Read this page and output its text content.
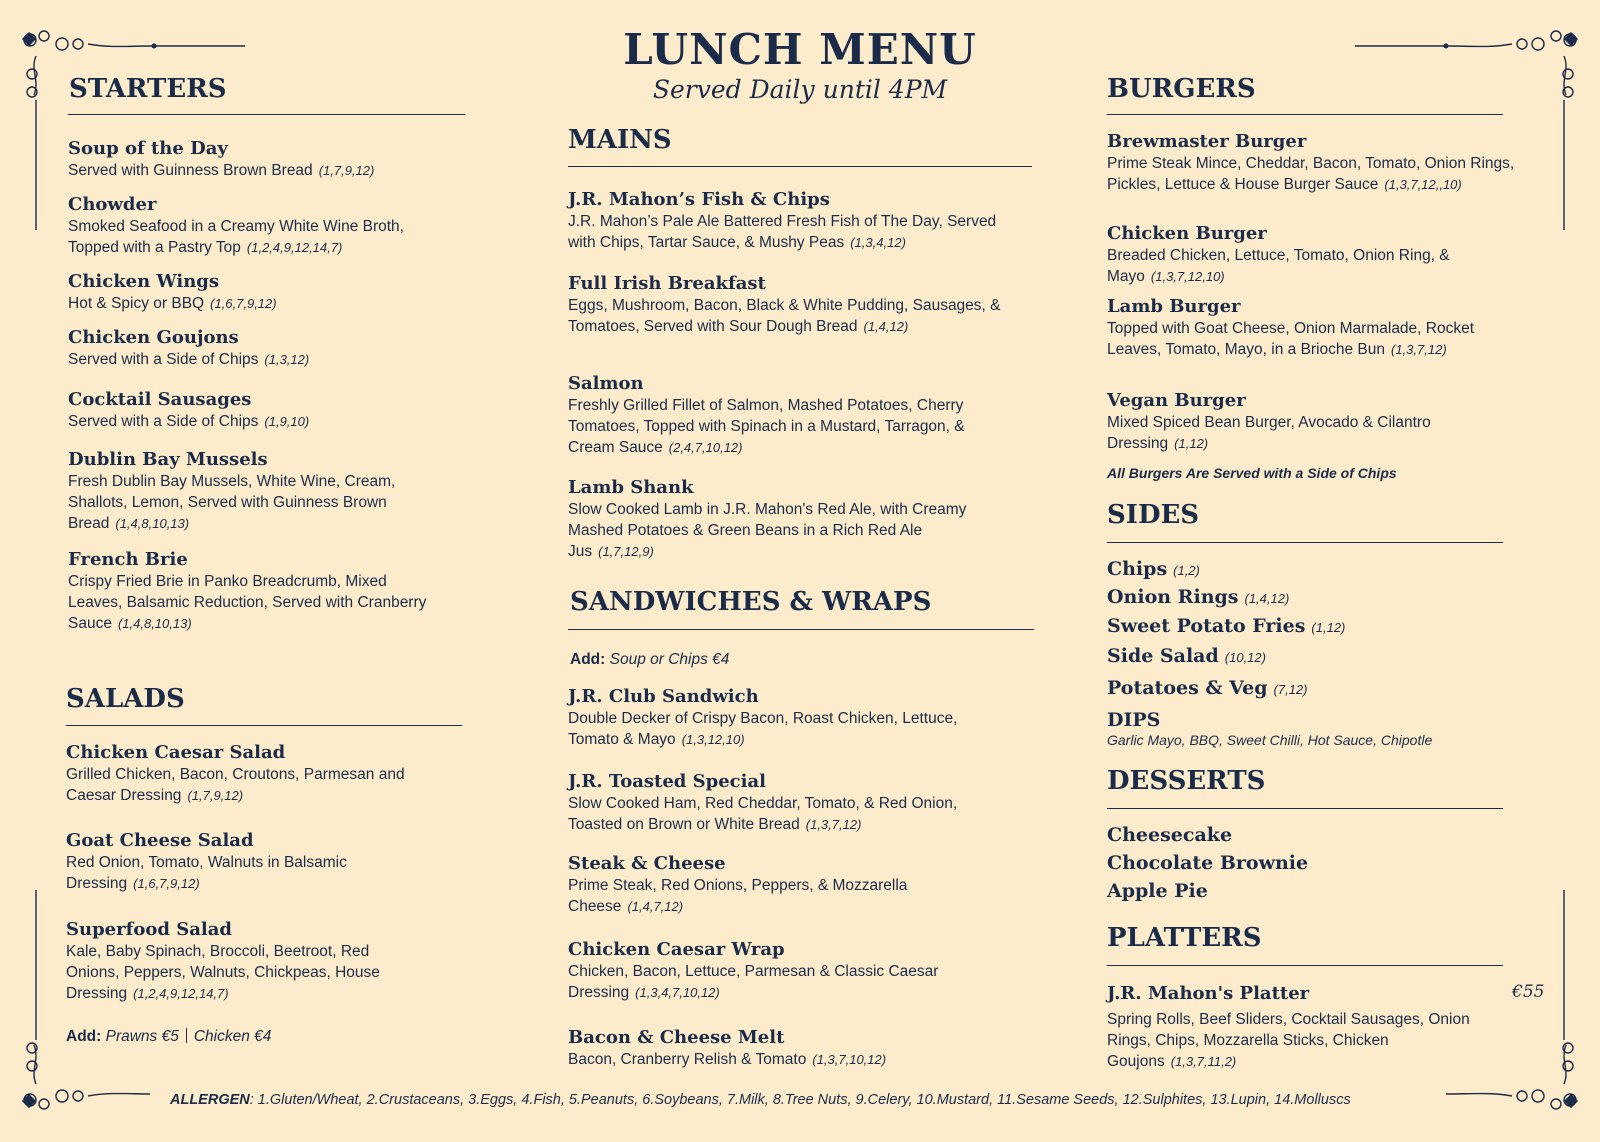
LUNCH MENU
Served Daily until 4PM
STARTERS
Soup of the Day
Served with Guinness Brown Bread (1,7,9,12)
Chowder
Smoked Seafood in a Creamy White Wine Broth, Topped with a Pastry Top (1,2,4,9,12,14,7)
Chicken Wings
Hot & Spicy or BBQ (1,6,7,9,12)
Chicken Goujons
Served with a Side of Chips (1,3,12)
Cocktail Sausages
Served with a Side of Chips (1,9,10)
Dublin Bay Mussels
Fresh Dublin Bay Mussels, White Wine, Cream, Shallots, Lemon, Served with Guinness Brown Bread (1,4,8,10,13)
French Brie
Crispy Fried Brie in Panko Breadcrumb, Mixed Leaves, Balsamic Reduction, Served with Cranberry Sauce (1,4,8,10,13)
SALADS
Chicken Caesar Salad
Grilled Chicken, Bacon, Croutons, Parmesan and Caesar Dressing (1,7,9,12)
Goat Cheese Salad
Red Onion, Tomato, Walnuts in Balsamic Dressing (1,6,7,9,12)
Superfood Salad
Kale, Baby Spinach, Broccoli, Beetroot, Red Onions, Peppers, Walnuts, Chickpeas, House Dressing (1,2,4,9,12,14,7)
Add: Prawns €5 Chicken €4
MAINS
J.R. Mahon’s Fish & Chips
J.R. Mahon’s Pale Ale Battered Fresh Fish of The Day, Served with Chips, Tartar Sauce, & Mushy Peas (1,3,4,12)
Full Irish Breakfast
Eggs, Mushroom, Bacon, Black & White Pudding, Sausages, & Tomatoes, Served with Sour Dough Bread (1,4,12)
Salmon
Freshly Grilled Fillet of Salmon, Mashed Potatoes, Cherry Tomatoes, Topped with Spinach in a Mustard, Tarragon, & Cream Sauce (2,4,7,10,12)
Lamb Shank
Slow Cooked Lamb in J.R. Mahon's Red Ale, with Creamy Mashed Potatoes & Green Beans in a Rich Red Ale Jus (1,7,12,9)
SANDWICHES & WRAPS
Add: Soup or Chips €4
J.R. Club Sandwich
Double Decker of Crispy Bacon, Roast Chicken, Lettuce, Tomato & Mayo (1,3,12,10)
J.R. Toasted Special
Slow Cooked Ham, Red Cheddar, Tomato, & Red Onion, Toasted on Brown or White Bread (1,3,7,12)
Steak & Cheese
Prime Steak, Red Onions, Peppers, & Mozzarella Cheese (1,4,7,12)
Chicken Caesar Wrap
Chicken, Bacon, Lettuce, Parmesan & Classic Caesar Dressing (1,3,4,7,10,12)
Bacon & Cheese Melt
Bacon, Cranberry Relish & Tomato (1,3,7,10,12)
BURGERS
Brewmaster Burger
Prime Steak Mince, Cheddar, Bacon, Tomato, Onion Rings, Pickles, Lettuce & House Burger Sauce (1,3,7,12,,10)
Chicken Burger
Breaded Chicken, Lettuce, Tomato, Onion Ring, & Mayo (1,3,7,12,10)
Lamb Burger
Topped with Goat Cheese, Onion Marmalade, Rocket Leaves, Tomato, Mayo, in a Brioche Bun (1,3,7,12)
Vegan Burger
Mixed Spiced Bean Burger, Avocado & Cilantro Dressing (1,12)
All Burgers Are Served with a Side of Chips
SIDES
Chips (1,2)
Onion Rings (1,4,12)
Sweet Potato Fries (1,12)
Side Salad (10,12)
Potatoes & Veg (7,12)
DIPS
Garlic Mayo, BBQ, Sweet Chilli, Hot Sauce, Chipotle
DESSERTS
Cheesecake
Chocolate Brownie
Apple Pie
PLATTERS
J.R. Mahon's Platter
Spring Rolls, Beef Sliders, Cocktail Sausages, Onion Rings, Chips, Mozzarella Sticks, Chicken Goujons (1,3,7,11,2)
€55
ALLERGEN: 1.Gluten/Wheat, 2.Crustaceans, 3.Eggs, 4.Fish, 5.Peanuts, 6.Soybeans, 7.Milk, 8.Tree Nuts, 9.Celery, 10.Mustard, 11.Sesame Seeds, 12.Sulphites, 13.Lupin, 14.Molluscs
